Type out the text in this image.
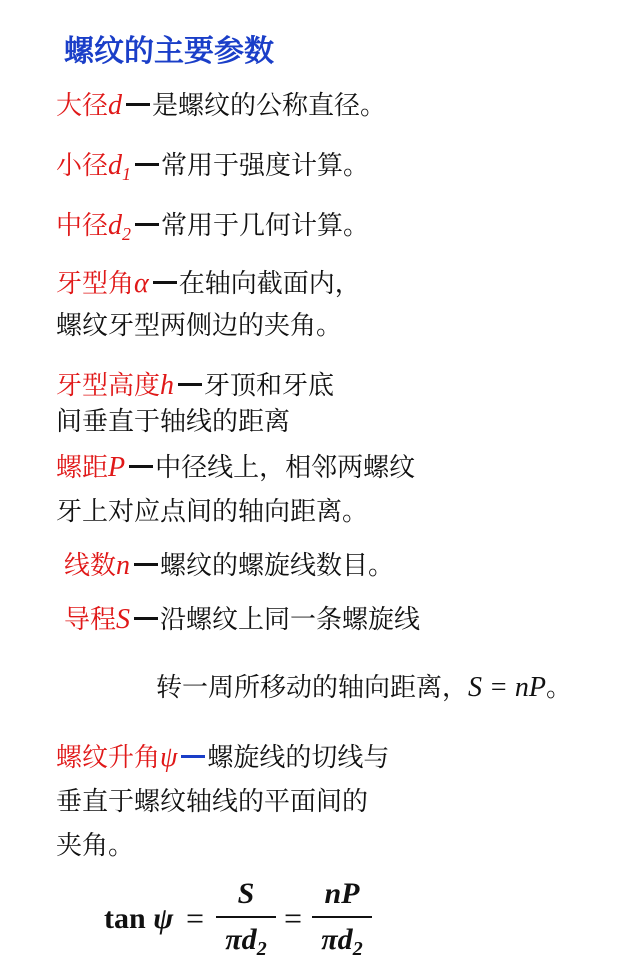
螺纹的主要参数
大径d 是螺纹的公称直径。
小径$d_1$ 常用于强度计算。
中径$d_2$ 常用于几何计算。
牙型角α 在轴向截面内，
螺纹牙型两侧边的夹角。
牙型高度h 牙顶和牙底
间垂直于轴线的距离
螺距P 中径线上，相邻两螺纹
牙上对应点间的轴向距离。
线数n 螺纹的螺旋线数目。
导程S 沿螺纹上同一条螺旋线
转一周所移动的轴向距离，S = nP。
螺纹升角ψ 螺旋线的切线与
垂直于螺纹轴线的平面间的
夹角。
tan ψ =
S
$\pi d_2$
=
nP
$\pi d_2$
